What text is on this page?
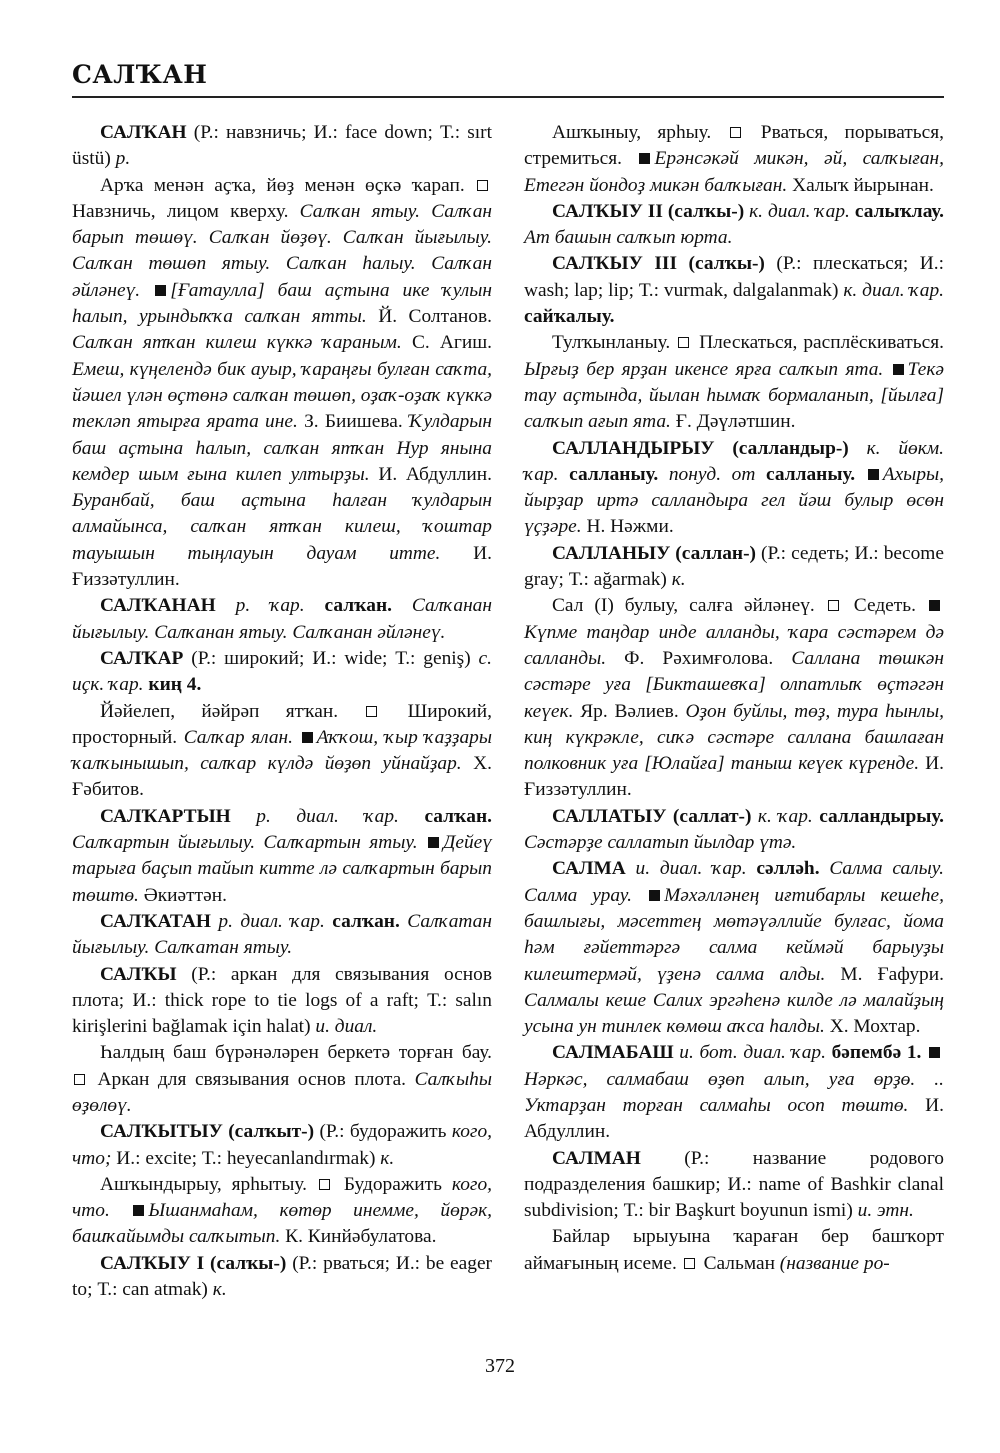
САЛҠАН

САЛҠАН (Р.: навзничь; И.: face down; Т.: sırt üstü) р.

Арҡа менән аҫҡа, йөҙ менән өҫкә ҡарап.  Навзничь, лицом кверху. Салҡан ятыу. Салҡан барып төшөү. Салҡан йөҙөү. Салҡан йығылыу. Салҡан төшөп ятыу. Салҡан һалыу. Салҡан әйләнеү. [Ғатаулла] баш аҫтына ике ҡулын һалып, урындыҡҡа салҡан ятты. Й. Солтанов. Салҡан ятҡан килеш күккә ҡараным. С. Агиш. Емеш, күңелендә бик ауыр, ҡараңғы булған саҡта, йәшел үлән өҫтөнә салҡан төшөп, оҙаҡ-оҙаҡ күккә текләп ятырға ярата ине. З. Биишева. Ҡулдарын баш аҫтына һалып, салҡан ятҡан Нур янына кемдер шым ғына килеп ултырҙы. И. Абдуллин. Буранбай, баш аҫтына һалған ҡулдарын алмайынса, салҡан ятҡан килеш, ҡоштар тауышын тыңлауын дауам итте. И. Ғиззәтуллин.

САЛҠАНАН р. ҡар. салҡан. Салҡанан йығылыу. Салҡанан ятыу. Салҡанан әйләнеү.

САЛҠАР (Р.: широкий; И.: wide; Т.: geniş) с. иҫк. ҡар. киң 4.

Йәйелеп, йәйрәп ятҡан.  Широкий, просторный. Салҡар ялан. Аҡҡош, ҡыр ҡаҙҙары ҡалҡынышып, салҡар күлдә йөҙөп уйнайҙар. Х. Ғәбитов.

САЛҠАРТЫН р. диал. ҡар. салҡан. Салҡартын йығылыу. Салҡартын ятыу. Дейеү тарыға баҫып тайып китте лә салҡартын барып төштө. Әкиәттән.

САЛҠАТАН р. диал. ҡар. салҡан. Салҡатан йығылыу. Салҡатан ятыу.

САЛҠЫ (Р.: аркан для связывания основ плота; И.: thick rope to tie logs of a raft; Т.: salın kirişlerini bağlamak için halat) и. диал.

Һалдың баш бүрәнәләрен беркетә торған бау.  Аркан для связывания основ плота. Салҡыһы өҙөлөү.

САЛҠЫТЫУ (салҡыт-) (Р.: будоражить кого, что; И.: excite; Т.: heyecanlandırmak) к.

Ашҡындырыу, ярһытыу.  Будоражить кого, что. Ышанмаһам, көтөр инемме, йөрәк, башҡайымды салҡытып. К. Кинйәбулатова.

САЛҠЫУ I (салҡы-) (Р.: рваться; И.: be eager to; Т.: can atmak) к.

Ашҡыныу, ярһыу.  Рваться, порываться, стремиться. Ерәнсәкәй микән, әй, салҡыған, Етегән йондоҙ микән балҡыған. Халыҡ йырынан.

САЛҠЫУ II (салҡы-) к. диал. ҡар. салыҡлау. Ат башын салҡып юрта.

САЛҠЫУ III (салҡы-) (Р.: плескаться; И.: wash; lap; lip; Т.: vurmak, dalgalanmak) к. диал. ҡар. сайҡалыу.

Тулҡынланыу.  Плескаться, расплёскиваться. Ырғыҙ бер ярҙан икенсе ярға салҡып ята. Текә тау аҫтында, йылан һымаҡ бормаланып, [йылға] салҡып ағып ята. Ғ. Дәүләтшин.

САЛЛАНДЫРЫУ (салландыр-) к. йөкм. ҡар. салланыу. понуд. от салланыу. Ахыры, йырҙар иртә салландыра гел йәш булыр өсөн үҫҙәре. Н. Нәжми.

САЛЛАНЫУ (саллан-) (Р.: седеть; И.: become gray; Т.: ağarmak) к.

Сал (I) булыу, салға әйләнеү.  Седеть. Күпме таңдар инде алланды, ҡара сәстәрем дә салланды. Ф. Рәхимғолова. Саллана төшкән сәстәре уға [Бикташевҡа] олпатлыҡ өҫтәгән кеүек. Яр. Вәлиев. Оҙон буйлы, төҙ, тура һынлы, киң күкрәкле, сиҡә сәстәре саллана башлаған полковник уға [Юлайға] таныш кеүек күренде. И. Ғиззәтуллин.

САЛЛАТЫУ (саллат-) к. ҡар. салландырыу. Сәстәрҙе саллатып йылдар үтә.

САЛМА и. диал. ҡар. сәлләһ. Салма салыу. Салма урау. Мәхәлләнең иғтибарлы кешеһе, башлығы, мәсеттең мөтәүәллийе булғас, йома һәм ғәйеттәргә салма кеймәй барыуҙы килештермәй, үҙенә салма алды. М. Ғафури. Салмалы кеше Салих эргәһенә килде лә малайҙың усына ун тинлек көмөш аҡса һалды. Х. Мохтар.

САЛМАБАШ и. бот. диал. ҡар. бәпембә 1. Нәркәс, салмабаш өҙөп алып, уға өрҙө. .. Уктарҙан торған салмаһы осоп төштө. И. Абдуллин.

САЛМАН (Р.: название родового подразделения башкир; И.: name of Bashkir clanal subdivision; Т.: bir Başkurt boyunun ismi) и. этн.

Байлар ырыуына ҡараған бер башҡорт аймағының исеме.  Сальман (название ро-

372
